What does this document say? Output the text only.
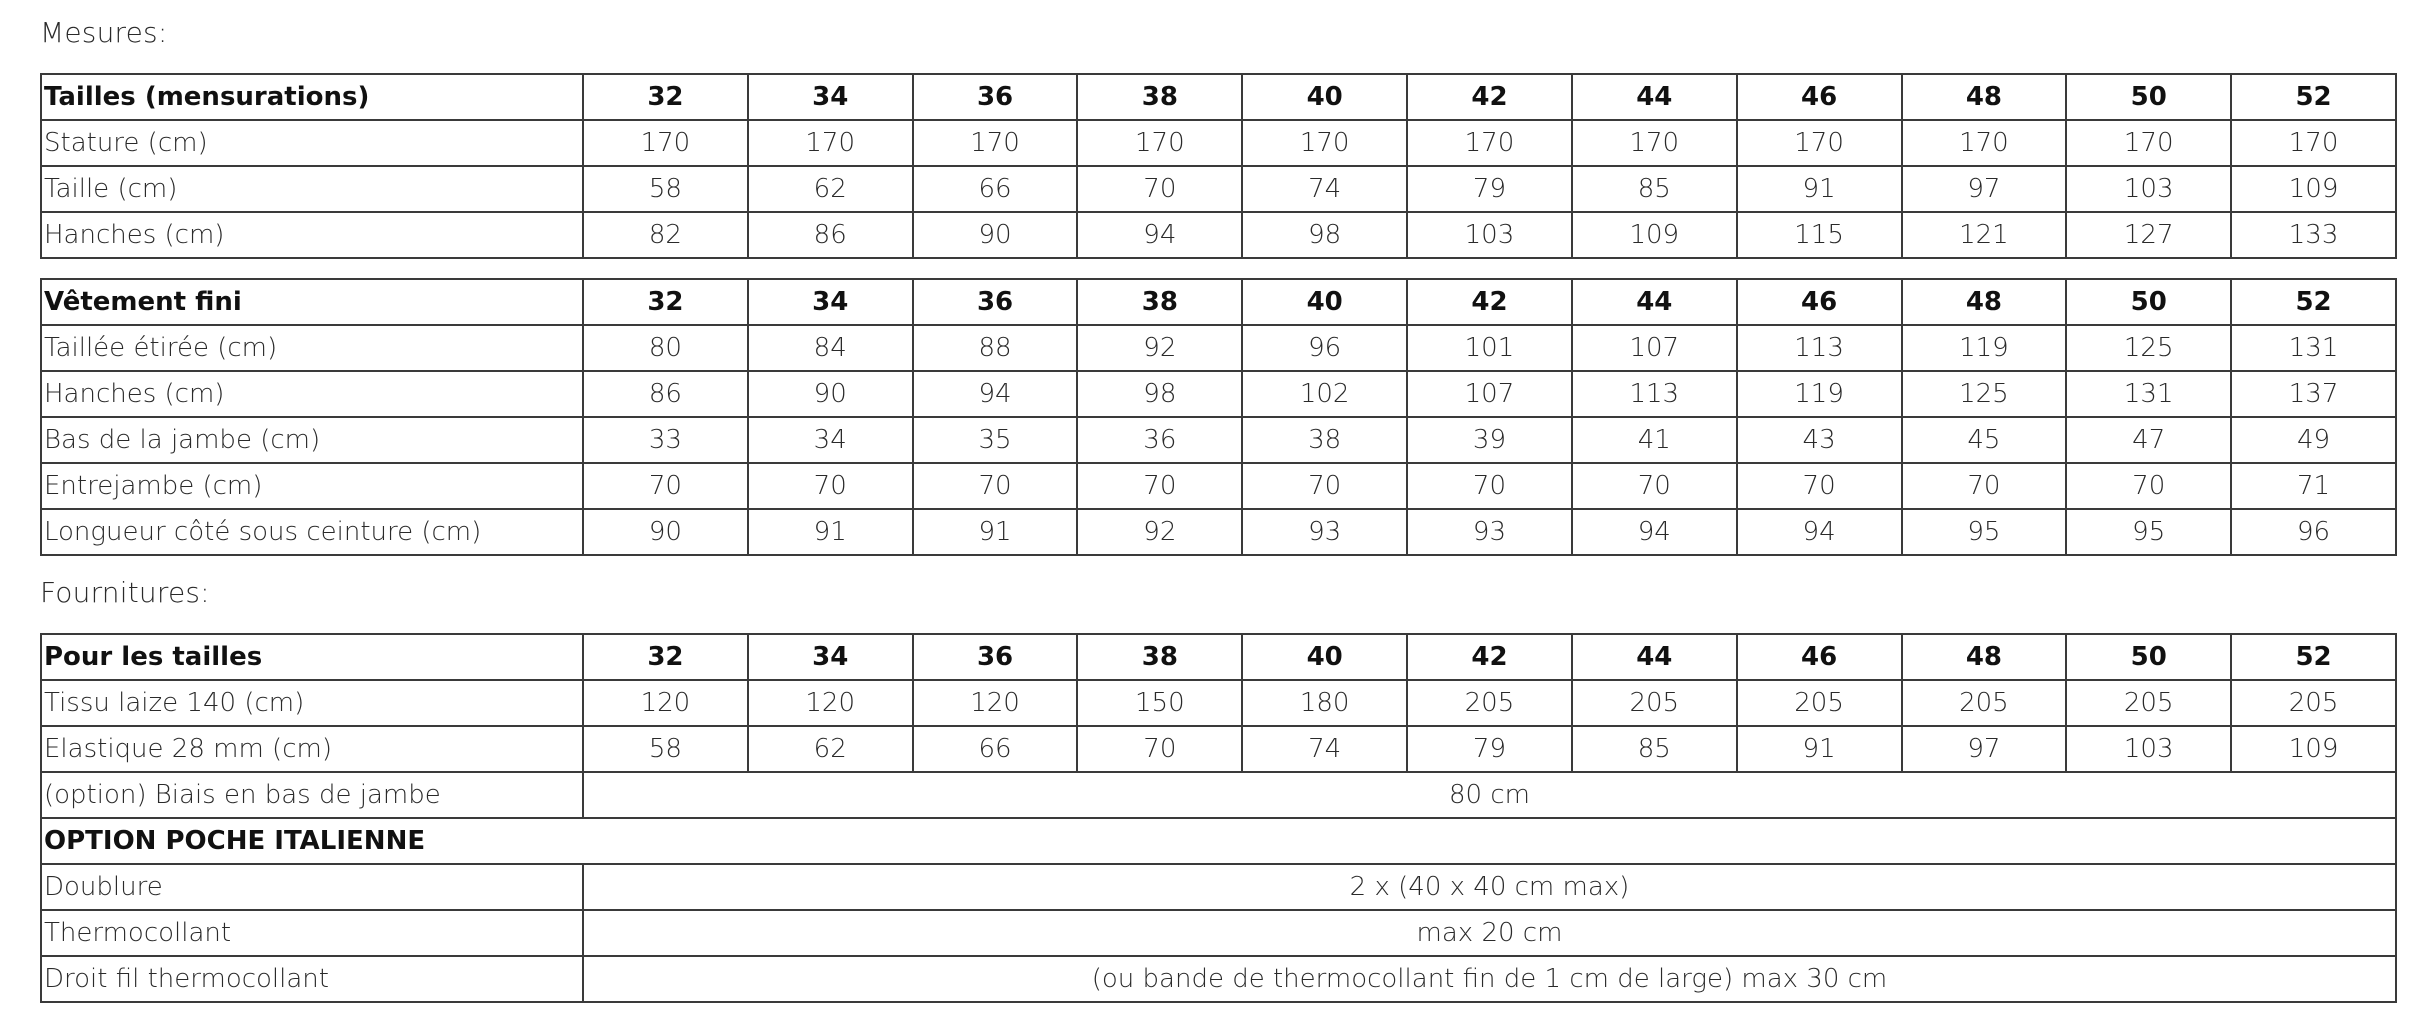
Mesures:
Tailles (mensurations)	32	34	36	38	40	42	44	46	48	50	52
Stature (cm)	170	170	170	170	170	170	170	170	170	170	170
Taille (cm)	58	62	66	70	74	79	85	91	97	103	109
Hanches (cm)	82	86	90	94	98	103	109	115	121	127	133
Vêtement fini	32	34	36	38	40	42	44	46	48	50	52
Taillée étirée (cm)	80	84	88	92	96	101	107	113	119	125	131
Hanches (cm)	86	90	94	98	102	107	113	119	125	131	137
Bas de la jambe (cm)	33	34	35	36	38	39	41	43	45	47	49
Entrejambe (cm)	70	70	70	70	70	70	70	70	70	70	71
Longueur côté sous ceinture (cm)	90	91	91	92	93	93	94	94	95	95	96
Fournitures:
Pour les tailles	32	34	36	38	40	42	44	46	48	50	52
Tissu laize 140 (cm)	120	120	120	150	180	205	205	205	205	205	205
Elastique 28 mm (cm)	58	62	66	70	74	79	85	91	97	103	109
(option) Biais en bas de jambe	80 cm										
OPTION POCHE ITALIENNE											
Doublure	2 x (40 x 40 cm max)										
Thermocollant	max 20 cm										
Droit fil thermocollant	(ou bande de thermocollant fin de 1 cm de large) max 30 cm										
